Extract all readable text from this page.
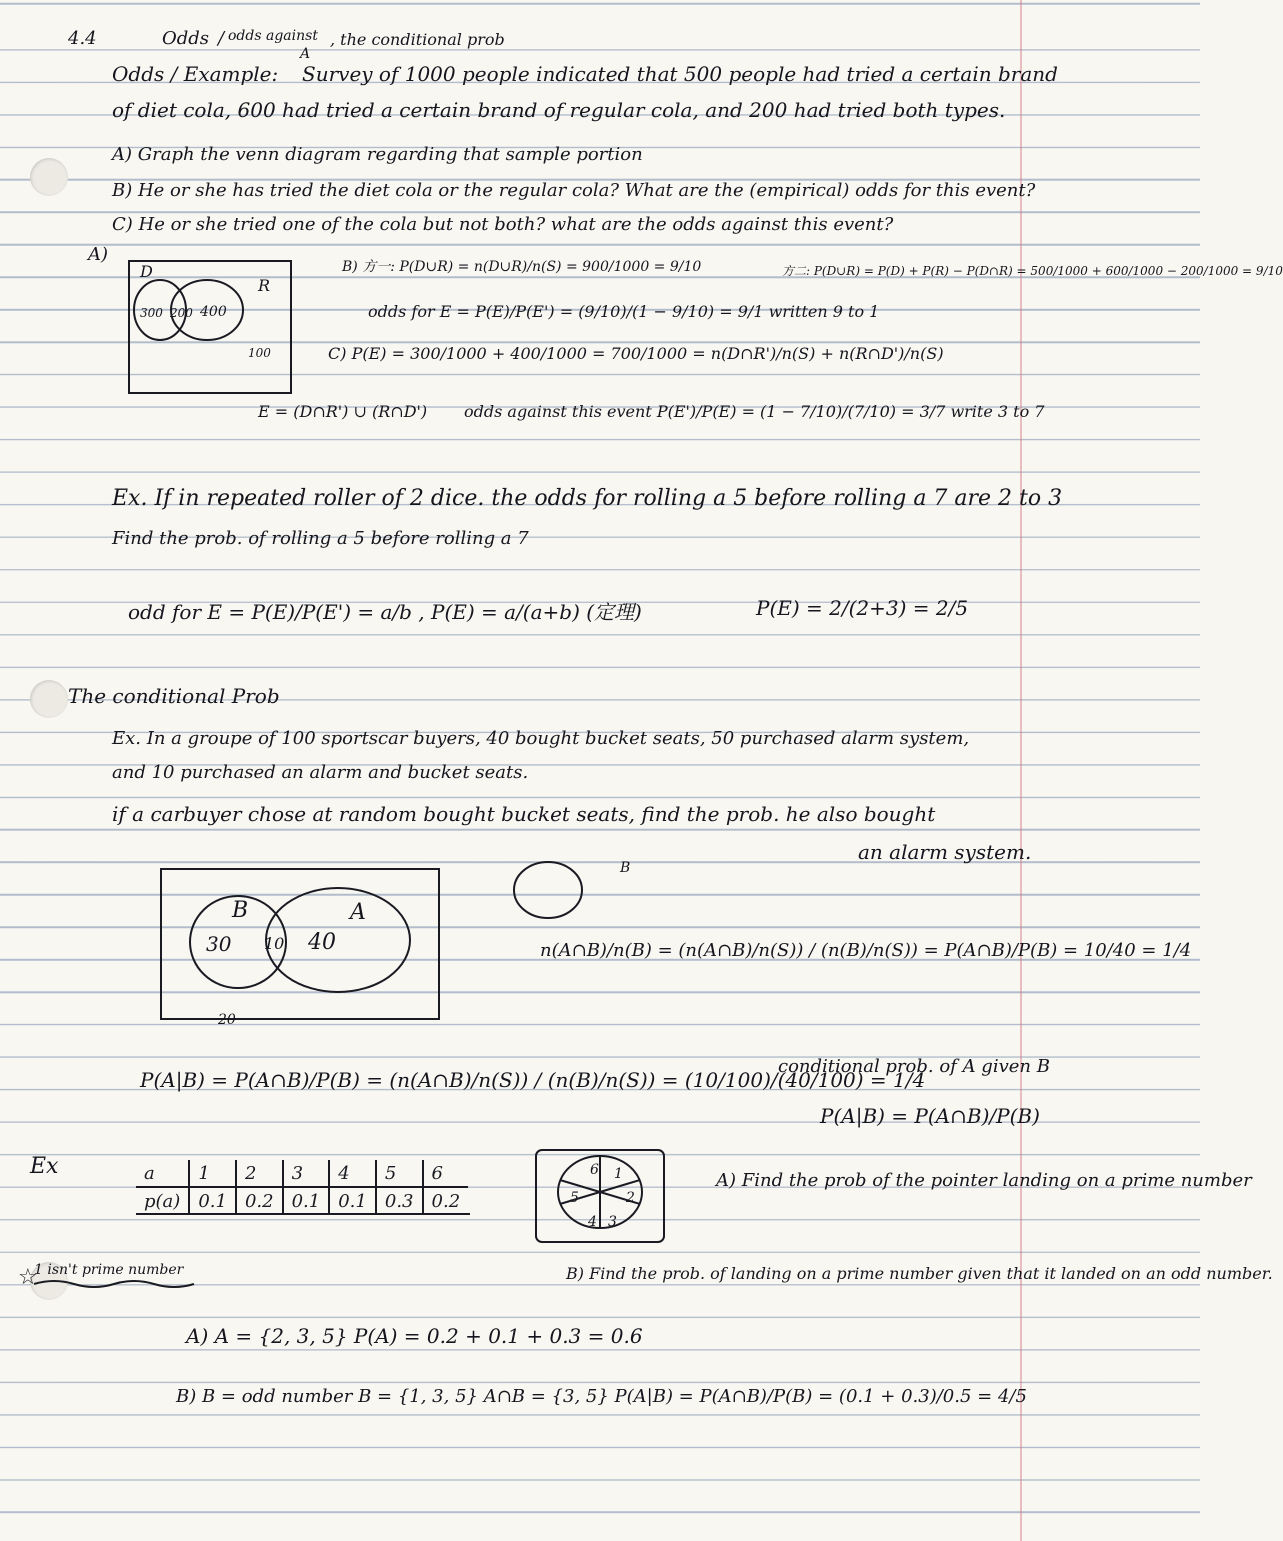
4.4	Odds / odds against , the conditional prob
A
Odds / Example: Survey of 1000 people indicated that 500 people had tried a certain brand
of diet cola, 600 had tried a certain brand of regular cola, and 200 had tried both types.
A) Graph the venn diagram regarding that sample portion
B) He or she has tried the diet cola or the regular cola? What are the (empirical) odds for this event?
C) He or she tried one of the cola but not both? what are the odds against this event?
A)
D
R
300 200 400
100
B) 方一: P(D∪R) = n(D∪R)/n(S) = 900/1000 = 9/10	方二: P(D∪R) = P(D) + P(R) − P(D∩R) = 500/1000 + 600/1000 − 200/1000 = 9/10
odds for E = P(E)/P(E') = (9/10)/(1 − 9/10) = 9/1 written 9 to 1
C) P(E) = 300/1000 + 400/1000 = 700/1000 = n(D∩R')/n(S) + n(R∩D')/n(S)
E = (D∩R') ∪ (R∩D') odds against this event P(E')/P(E) = (1 − 7/10)/(7/10) = 3/7 write 3 to 7
Ex. If in repeated roller of 2 dice. the odds for rolling a 5 before rolling a 7 are 2 to 3
Find the prob. of rolling a 5 before rolling a 7
odd for E = P(E)/P(E') = a/b , P(E) = a/(a+b) (定理)	P(E) = 2/(2+3) = 2/5
The conditional Prob
Ex. In a groupe of 100 sportscar buyers, 40 bought bucket seats, 50 purchased alarm system,
and 10 purchased an alarm and bucket seats.
if a carbuyer chose at random bought bucket seats, find the prob. he also bought
an alarm system.
B	A
30 10 40
20
B
n(A∩B)/n(B) = (n(A∩B)/n(S)) / (n(B)/n(S)) = P(A∩B)/P(B) = 10/40 = 1/4
P(A|B) = P(A∩B)/P(B) = (n(A∩B)/n(S)) / (n(B)/n(S)) = (10/100)/(40/100) = 1/4
conditional prob. of A given B
P(A|B) = P(A∩B)/P(B)
Ex	a	1	2	3	4	5	6
p(a)	0.1	0.2	0.1	0.1	0.3	0.2
6 1
2
3
4
5
A) Find the prob of the pointer landing on a prime number
B) Find the prob. of landing on a prime number given that it landed on an odd number.
1 isn't prime number
A) A = {2, 3, 5} P(A) = 0.2 + 0.1 + 0.3 = 0.6
B) B = odd number B = {1, 3, 5} A∩B = {3, 5} P(A|B) = P(A∩B)/P(B) = (0.1 + 0.3)/0.5 = 4/5
☆
